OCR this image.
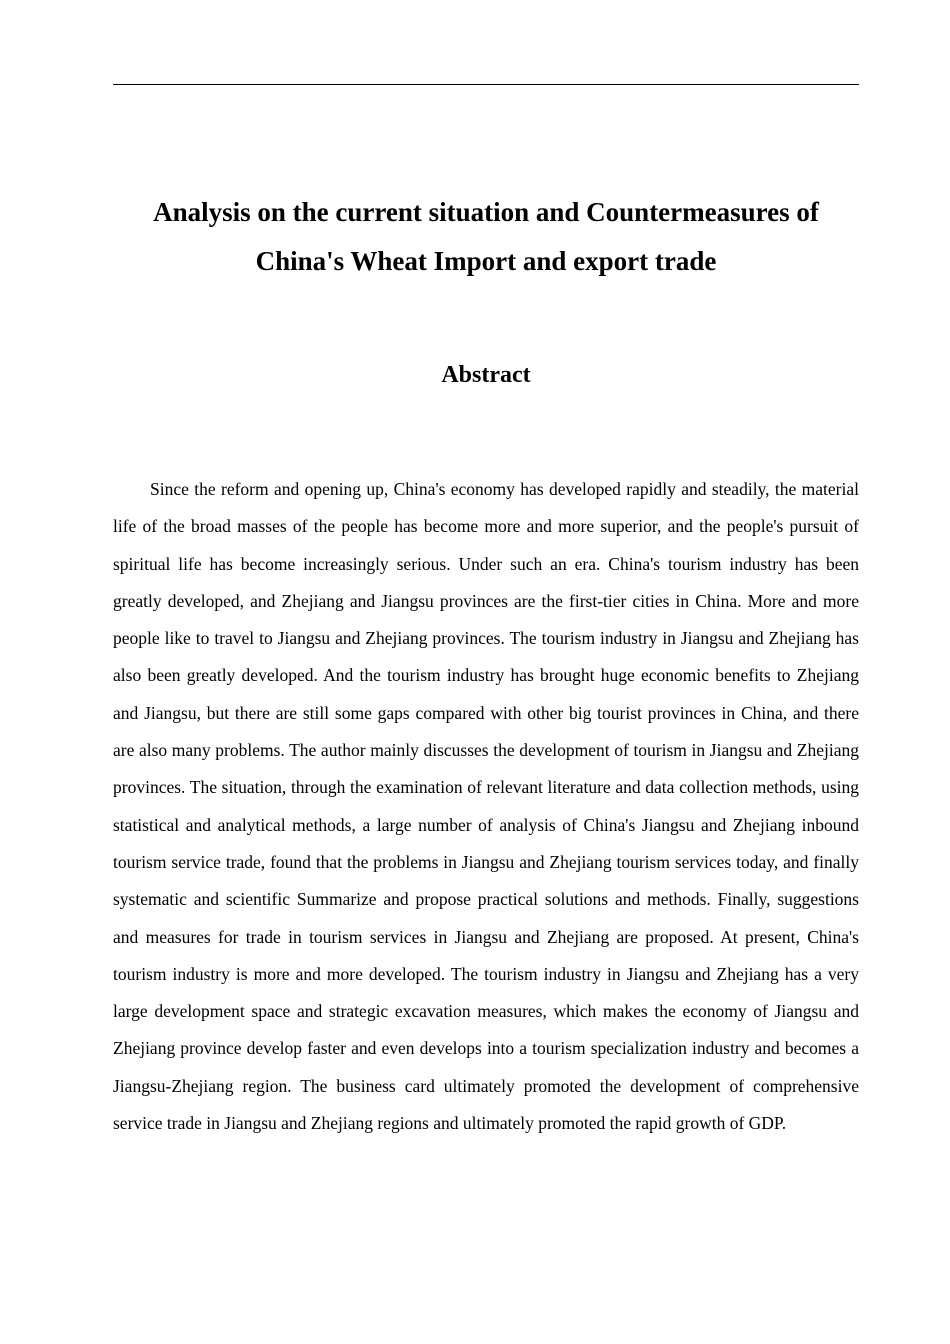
Analysis on the current situation and Countermeasures of
China's Wheat Import and export trade
Abstract

Since the reform and opening up, China's economy has developed rapidly and steadily, the material life of the broad masses of the people has become more and more superior, and the people's pursuit of spiritual life has become increasingly serious. Under such an era. China's tourism industry has been greatly developed, and Zhejiang and Jiangsu provinces are the first-tier cities in China. More and more people like to travel to Jiangsu and Zhejiang provinces. The tourism industry in Jiangsu and Zhejiang has also been greatly developed. And the tourism industry has brought huge economic benefits to Zhejiang and Jiangsu, but there are still some gaps compared with other big tourist provinces in China, and there are also many problems. The author mainly discusses the development of tourism in Jiangsu and Zhejiang provinces. The situation, through the examination of relevant literature and data collection methods, using statistical and analytical methods, a large number of analysis of China's Jiangsu and Zhejiang inbound tourism service trade, found that the problems in Jiangsu and Zhejiang tourism services today, and finally systematic and scientific Summarize and propose practical solutions and methods. Finally, suggestions and measures for trade in tourism services in Jiangsu and Zhejiang are proposed. At present, China's tourism industry is more and more developed. The tourism industry in Jiangsu and Zhejiang has a very large development space and strategic excavation measures, which makes the economy of Jiangsu and Zhejiang province develop faster and even develops into a tourism specialization industry and becomes a Jiangsu-Zhejiang region. The business card ultimately promoted the development of comprehensive service trade in Jiangsu and Zhejiang regions and ultimately promoted the rapid growth of GDP.
